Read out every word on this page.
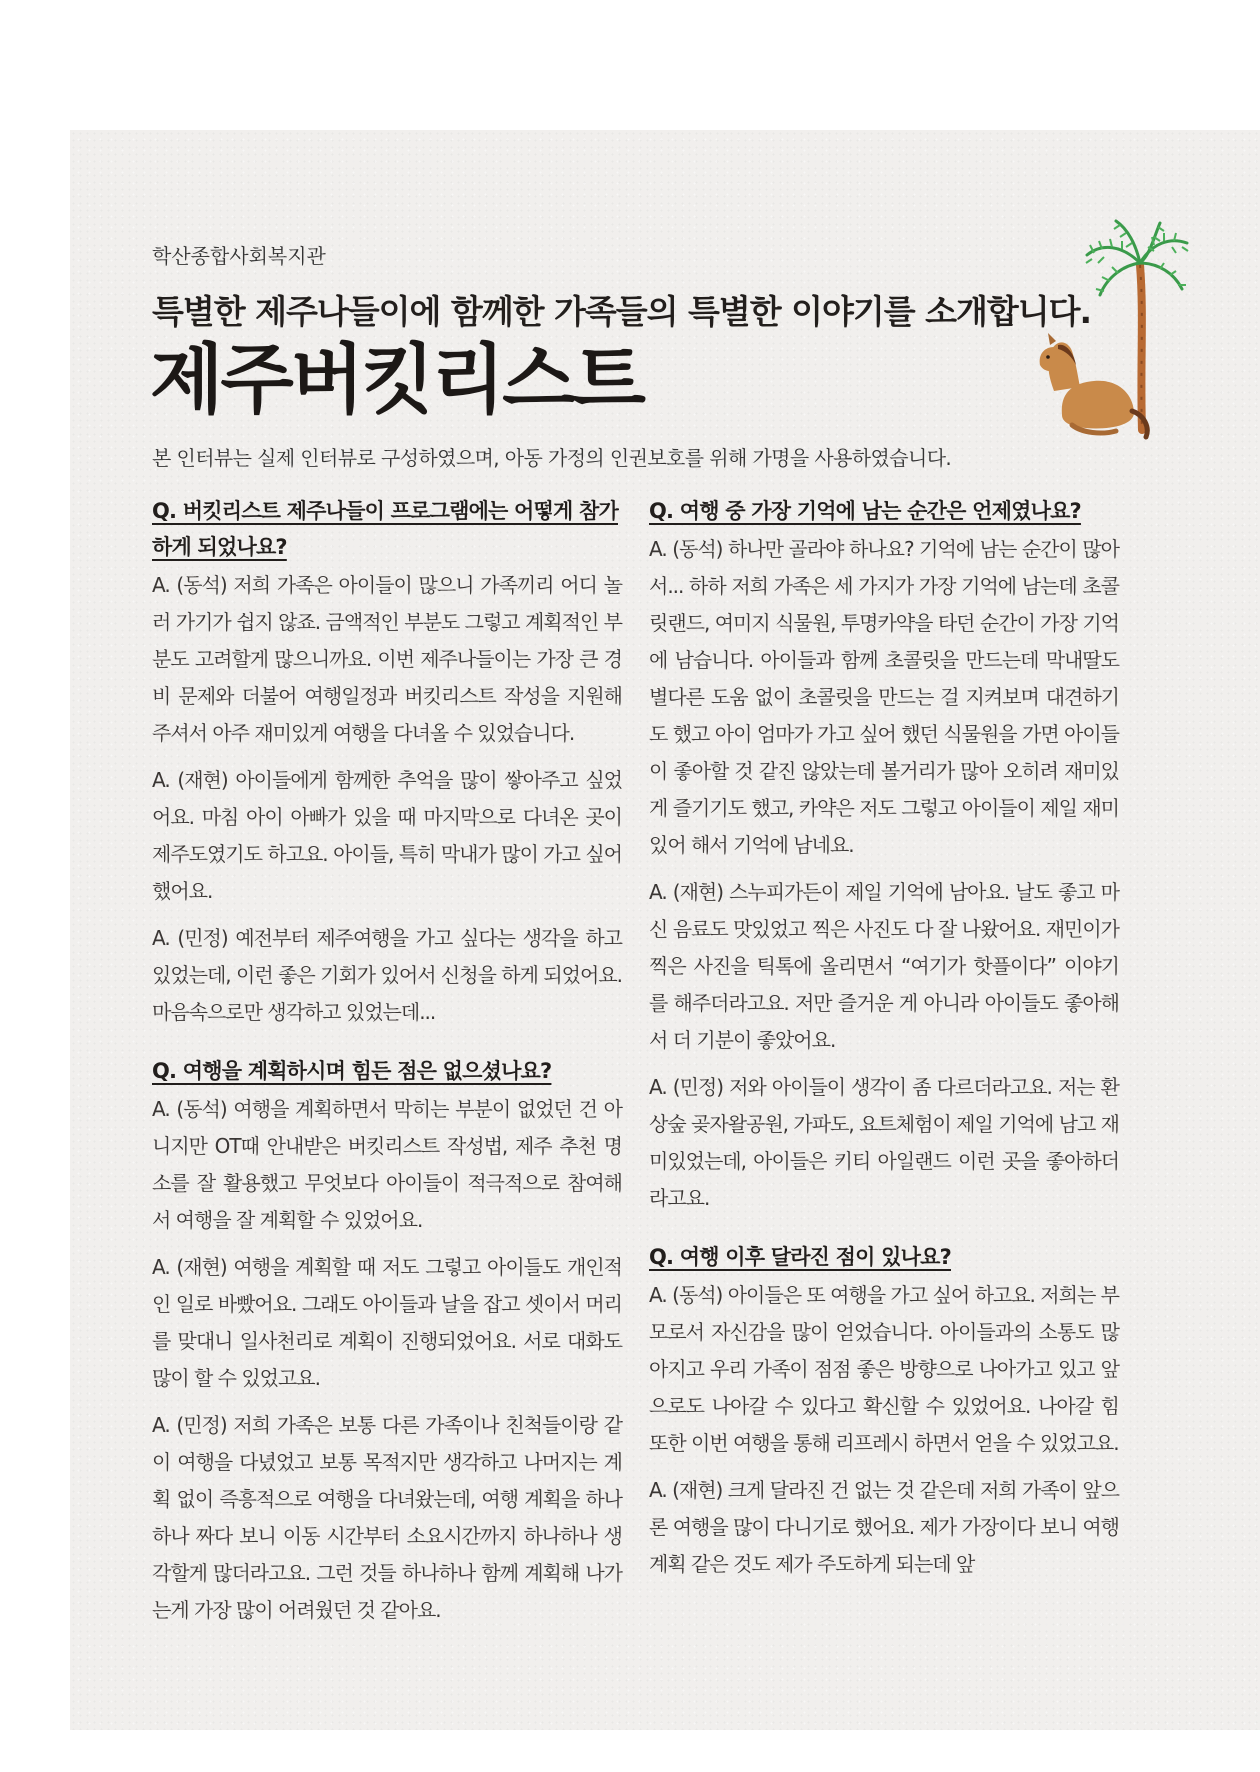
학산종합사회복지관
특별한 제주나들이에 함께한 가족들의 특별한 이야기를 소개합니다.
제주버킷리스트
본 인터뷰는 실제 인터뷰로 구성하였으며, 아동 가정의 인권보호를 위해 가명을 사용하였습니다.
Q. 버킷리스트 제주나들이 프로그램에는 어떻게 참가하게 되었나요?

A. (동석) 저희 가족은 아이들이 많으니 가족끼리 어디 놀러 가기가 쉽지 않죠. 금액적인 부분도 그렇고 계획적인 부분도 고려할게 많으니까요. 이번 제주나들이는 가장 큰 경비 문제와 더불어 여행일정과 버킷리스트 작성을 지원해 주셔서 아주 재미있게 여행을 다녀올 수 있었습니다.

A. (재현) 아이들에게 함께한 추억을 많이 쌓아주고 싶었어요. 마침 아이 아빠가 있을 때 마지막으로 다녀온 곳이 제주도였기도 하고요. 아이들, 특히 막내가 많이 가고 싶어 했어요.

A. (민정) 예전부터 제주여행을 가고 싶다는 생각을 하고 있었는데, 이런 좋은 기회가 있어서 신청을 하게 되었어요. 마음속으로만 생각하고 있었는데...

Q. 여행을 계획하시며 힘든 점은 없으셨나요?

A. (동석) 여행을 계획하면서 막히는 부분이 없었던 건 아니지만 OT때 안내받은 버킷리스트 작성법, 제주 추천 명소를 잘 활용했고 무엇보다 아이들이 적극적으로 참여해서 여행을 잘 계획할 수 있었어요.

A. (재현) 여행을 계획할 때 저도 그렇고 아이들도 개인적인 일로 바빴어요. 그래도 아이들과 날을 잡고 셋이서 머리를 맞대니 일사천리로 계획이 진행되었어요. 서로 대화도 많이 할 수 있었고요.

A. (민정) 저희 가족은 보통 다른 가족이나 친척들이랑 같이 여행을 다녔었고 보통 목적지만 생각하고 나머지는 계획 없이 즉흥적으로 여행을 다녀왔는데, 여행 계획을 하나하나 짜다 보니 이동 시간부터 소요시간까지 하나하나 생각할게 많더라고요. 그런 것들 하나하나 함께 계획해 나가는게 가장 많이 어려웠던 것 같아요.

Q. 여행 중 가장 기억에 남는 순간은 언제였나요?

A. (동석) 하나만 골라야 하나요? 기억에 남는 순간이 많아서... 하하 저희 가족은 세 가지가 가장 기억에 남는데 초콜릿랜드, 여미지 식물원, 투명카약을 타던 순간이 가장 기억에 남습니다. 아이들과 함께 초콜릿을 만드는데 막내딸도 별다른 도움 없이 초콜릿을 만드는 걸 지켜보며 대견하기도 했고 아이 엄마가 가고 싶어 했던 식물원을 가면 아이들이 좋아할 것 같진 않았는데 볼거리가 많아 오히려 재미있게 즐기기도 했고, 카약은 저도 그렇고 아이들이 제일 재미있어 해서 기억에 남네요.

A. (재현) 스누피가든이 제일 기억에 남아요. 날도 좋고 마신 음료도 맛있었고 찍은 사진도 다 잘 나왔어요. 재민이가 찍은 사진을 틱톡에 올리면서 “여기가 핫플이다” 이야기를 해주더라고요. 저만 즐거운 게 아니라 아이들도 좋아해서 더 기분이 좋았어요.

A. (민정) 저와 아이들이 생각이 좀 다르더라고요. 저는 환상숲 곶자왈공원, 가파도, 요트체험이 제일 기억에 남고 재미있었는데, 아이들은 키티 아일랜드 이런 곳을 좋아하더라고요.

Q. 여행 이후 달라진 점이 있나요?

A. (동석) 아이들은 또 여행을 가고 싶어 하고요. 저희는 부모로서 자신감을 많이 얻었습니다. 아이들과의 소통도 많아지고 우리 가족이 점점 좋은 방향으로 나아가고 있고 앞으로도 나아갈 수 있다고 확신할 수 있었어요. 나아갈 힘 또한 이번 여행을 통해 리프레시 하면서 얻을 수 있었고요.

A. (재현) 크게 달라진 건 없는 것 같은데 저희 가족이 앞으론 여행을 많이 다니기로 했어요. 제가 가장이다 보니 여행 계획 같은 것도 제가 주도하게 되는데 앞
